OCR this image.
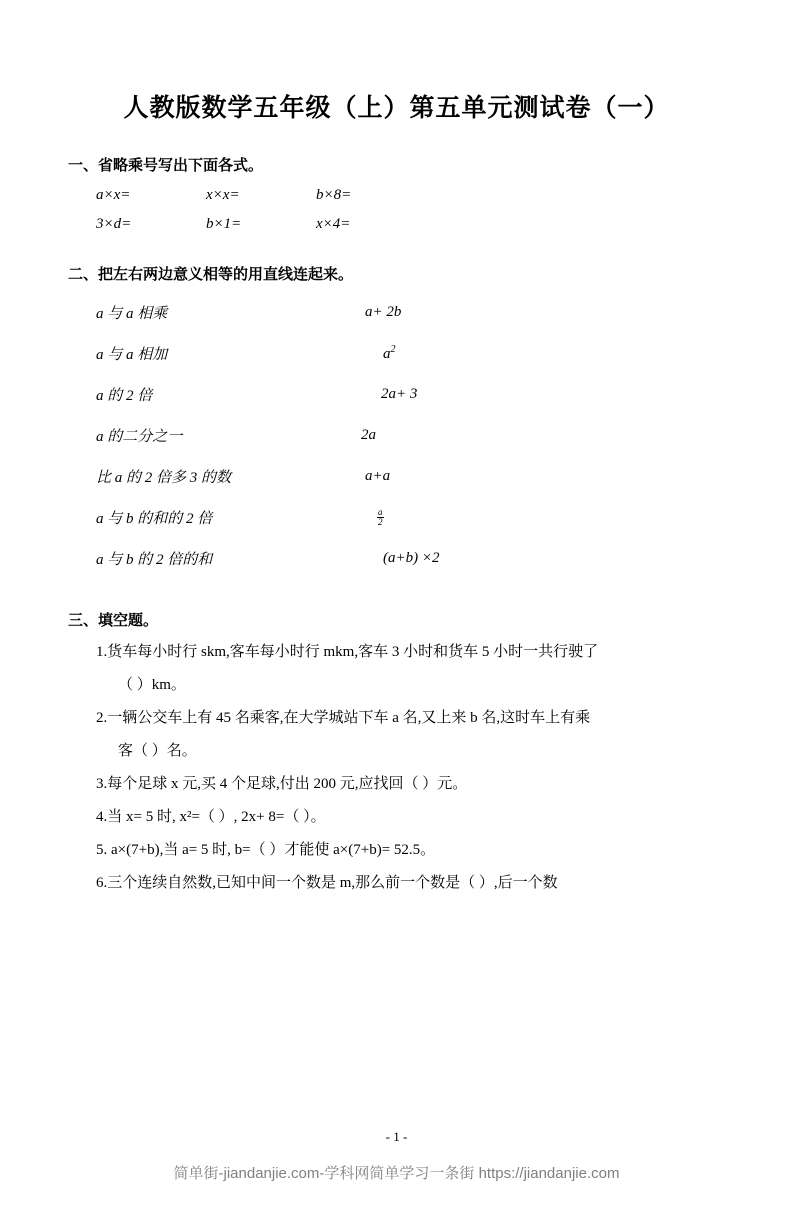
人教版数学五年级（上）第五单元测试卷（一）
一、省略乘号写出下面各式。
a×x=	x×x=	b×8=
3×d=	b×1=	x×4=
二、把左右两边意义相等的用直线连起来。
a 与 a 相乘	a+ 2b
a 与 a 相加	$a^2$
a 的 2 倍	2a+ 3
a 的二分之一	2a
比 a 的 2 倍多 3 的数	a+a
a 与 b 的和的 2 倍	$\frac{a}{2}$
a 与 b 的 2 倍的和	(a+b) ×2
三、填空题。
1.货车每小时行 skm,客车每小时行 mkm,客车 3 小时和货车 5 小时一共行驶了
（ ）km。
2.一辆公交车上有 45 名乘客,在大学城站下车 a 名,又上来 b 名,这时车上有乘
客（ ）名。
3.每个足球 x 元,买 4 个足球,付出 200 元,应找回（ ）元。
4.当 x= 5 时, x²=（ ）, 2x+ 8=（ ）。
5. a×(7+b),当 a= 5 时, b=（ ）才能使 a×(7+b)= 52.5。
6.三个连续自然数,已知中间一个数是 m,那么前一个数是（ ）,后一个数
- 1 -
简单街-jiandanjie.com-学科网简单学习一条街 https://jiandanjie.com
